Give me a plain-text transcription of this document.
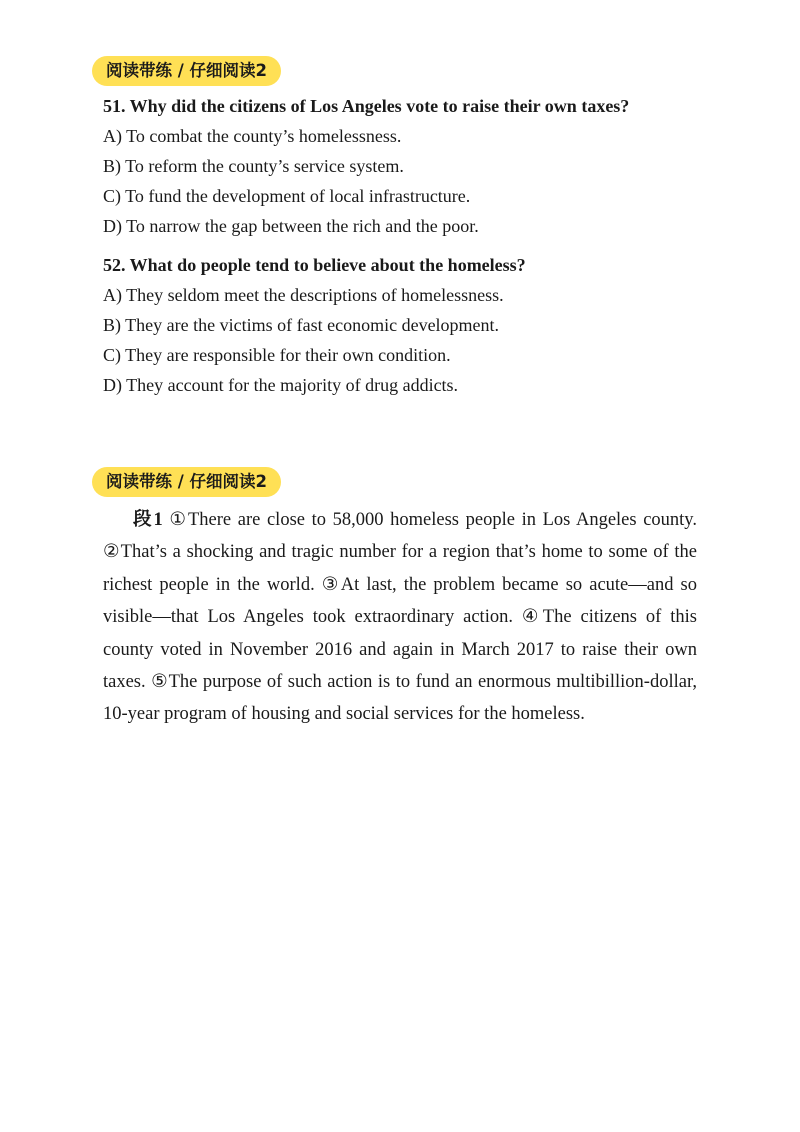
阅读带练 / 仔细阅读2
51. Why did the citizens of Los Angeles vote to raise their own taxes?
A) To combat the county’s homelessness.
B) To reform the county’s service system.
C) To fund the development of local infrastructure.
D) To narrow the gap between the rich and the poor.
52. What do people tend to believe about the homeless?
A) They seldom meet the descriptions of homelessness.
B) They are the victims of fast economic development.
C) They are responsible for their own condition.
D) They account for the majority of drug addicts.
阅读带练 / 仔细阅读2
段1 ①There are close to 58,000 homeless people in Los Angeles county. ②That’s a shocking and tragic number for a region that’s home to some of the richest people in the world. ③At last, the problem became so acute—and so visible—that Los Angeles took extraordinary action. ④The citizens of this county voted in November 2016 and again in March 2017 to raise their own taxes. ⑤The purpose of such action is to fund an enormous multibillion-dollar, 10-year program of housing and social services for the homeless.
